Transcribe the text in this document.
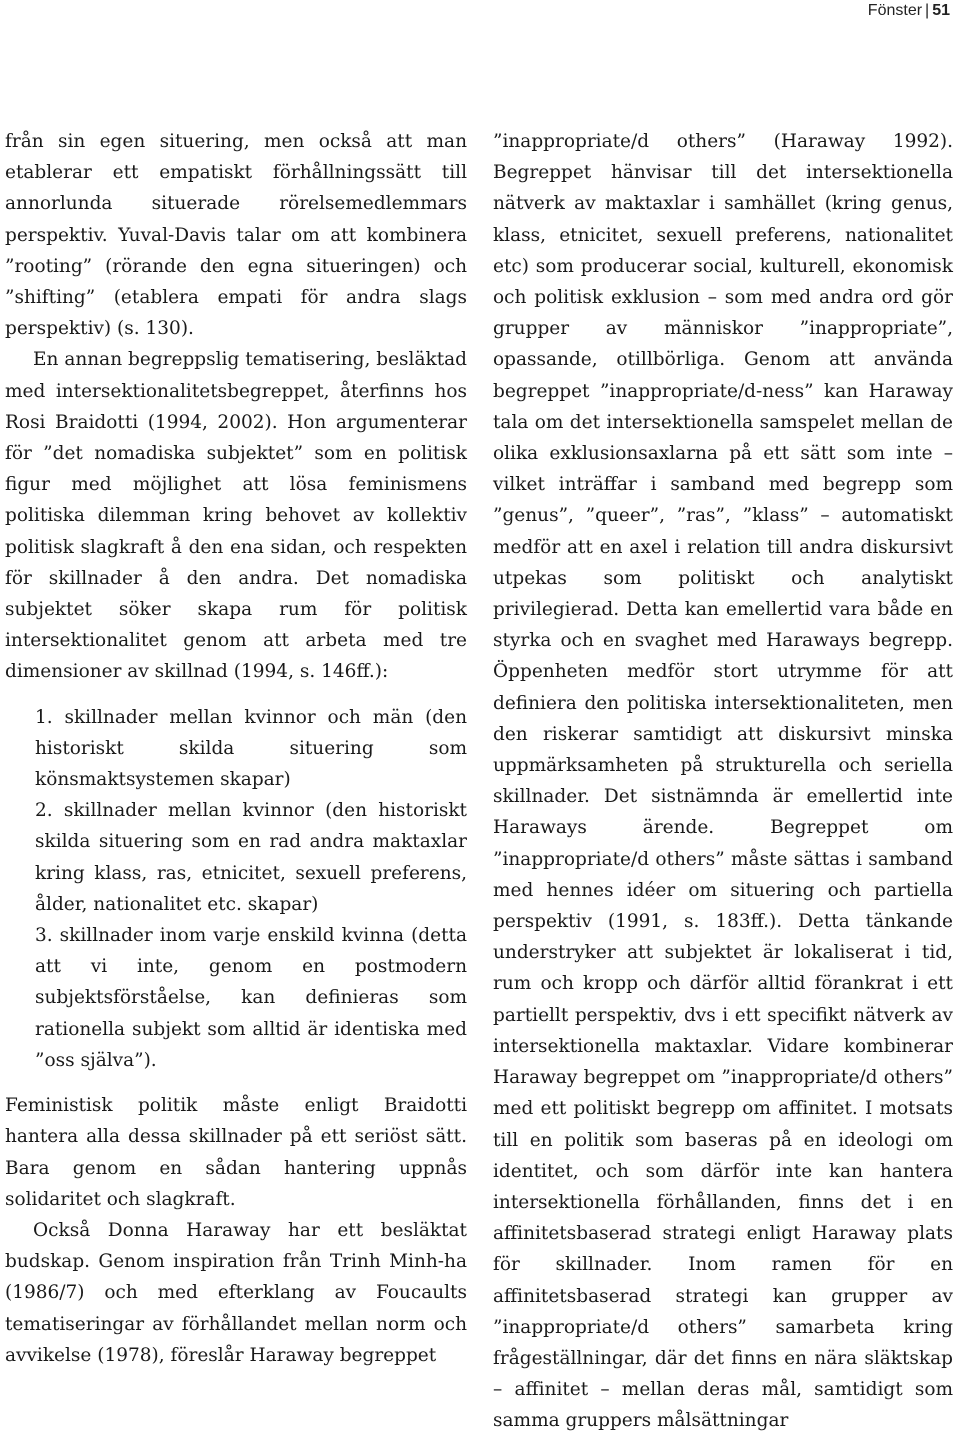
Fönster | 51

från sin egen situering, men också att man etablerar ett empatiskt förhållningssätt till annorlunda situerade rörelsemedlemmars perspektiv. Yuval-Davis talar om att kombinera ”rooting” (rörande den egna situeringen) och ”shifting” (etablera empati för andra slags perspektiv) (s. 130).

En annan begreppslig tematisering, besläktad med intersektionalitetsbegreppet, återfinns hos Rosi Braidotti (1994, 2002). Hon argumenterar för ”det nomadiska subjektet” som en politisk figur med möjlighet att lösa feminismens politiska dilemman kring behovet av kollektiv politisk slagkraft å den ena sidan, och respekten för skillnader å den andra. Det nomadiska subjektet söker skapa rum för politisk intersektionalitet genom att arbeta med tre dimensioner av skillnad (1994, s. 146ff.):

1. skillnader mellan kvinnor och män (den historiskt skilda situering som könsmaktsystemen skapar)

2. skillnader mellan kvinnor (den historiskt skilda situering som en rad andra maktaxlar kring klass, ras, etnicitet, sexuell preferens, ålder, nationalitet etc. skapar)

3. skillnader inom varje enskild kvinna (detta att vi inte, genom en postmodern subjektsförståelse, kan definieras som rationella subjekt som alltid är identiska med ”oss själva”).

Feministisk politik måste enligt Braidotti hantera alla dessa skillnader på ett seriöst sätt. Bara genom en sådan hantering uppnås solidaritet och slagkraft.

Också Donna Haraway har ett besläktat budskap. Genom inspiration från Trinh Minh-ha (1986/7) och med efterklang av Foucaults tematiseringar av förhållandet mellan norm och avvikelse (1978), föreslår Haraway begreppet

”inappropriate/d others” (Haraway 1992). Begreppet hänvisar till det intersektionella nätverk av maktaxlar i samhället (kring genus, klass, etnicitet, sexuell preferens, nationalitet etc) som producerar social, kulturell, ekonomisk och politisk exklusion – som med andra ord gör grupper av människor ”inappropriate”, opassande, otillbörliga. Genom att använda begreppet ”inappropriate/d-ness” kan Haraway tala om det intersektionella samspelet mellan de olika exklusionsaxlarna på ett sätt som inte – vilket inträffar i samband med begrepp som ”genus”, ”queer”, ”ras”, ”klass” – automatiskt medför att en axel i relation till andra diskursivt utpekas som politiskt och analytiskt privilegierad. Detta kan emellertid vara både en styrka och en svaghet med Haraways begrepp. Öppenheten medför stort utrymme för att definiera den politiska intersektionaliteten, men den riskerar samtidigt att diskursivt minska uppmärksamheten på strukturella och seriella skillnader. Det sistnämnda är emellertid inte Haraways ärende. Begreppet om ”inappropriate/d others” måste sättas i samband med hennes idéer om situering och partiella perspektiv (1991, s. 183ff.). Detta tänkande understryker att subjektet är lokaliserat i tid, rum och kropp och därför alltid förankrat i ett partiellt perspektiv, dvs i ett specifikt nätverk av intersektionella maktaxlar. Vidare kombinerar Haraway begreppet om ”inappropriate/d others” med ett politiskt begrepp om affinitet. I motsats till en politik som baseras på en ideologi om identitet, och som därför inte kan hantera intersektionella förhållanden, finns det i en affinitetsbaserad strategi enligt Haraway plats för skillnader. Inom ramen för en affinitetsbaserad strategi kan grupper av ”inappropriate/d others” samarbeta kring frågeställningar, där det finns en nära släktskap – affinitet – mellan deras mål, samtidigt som samma gruppers målsättningar
